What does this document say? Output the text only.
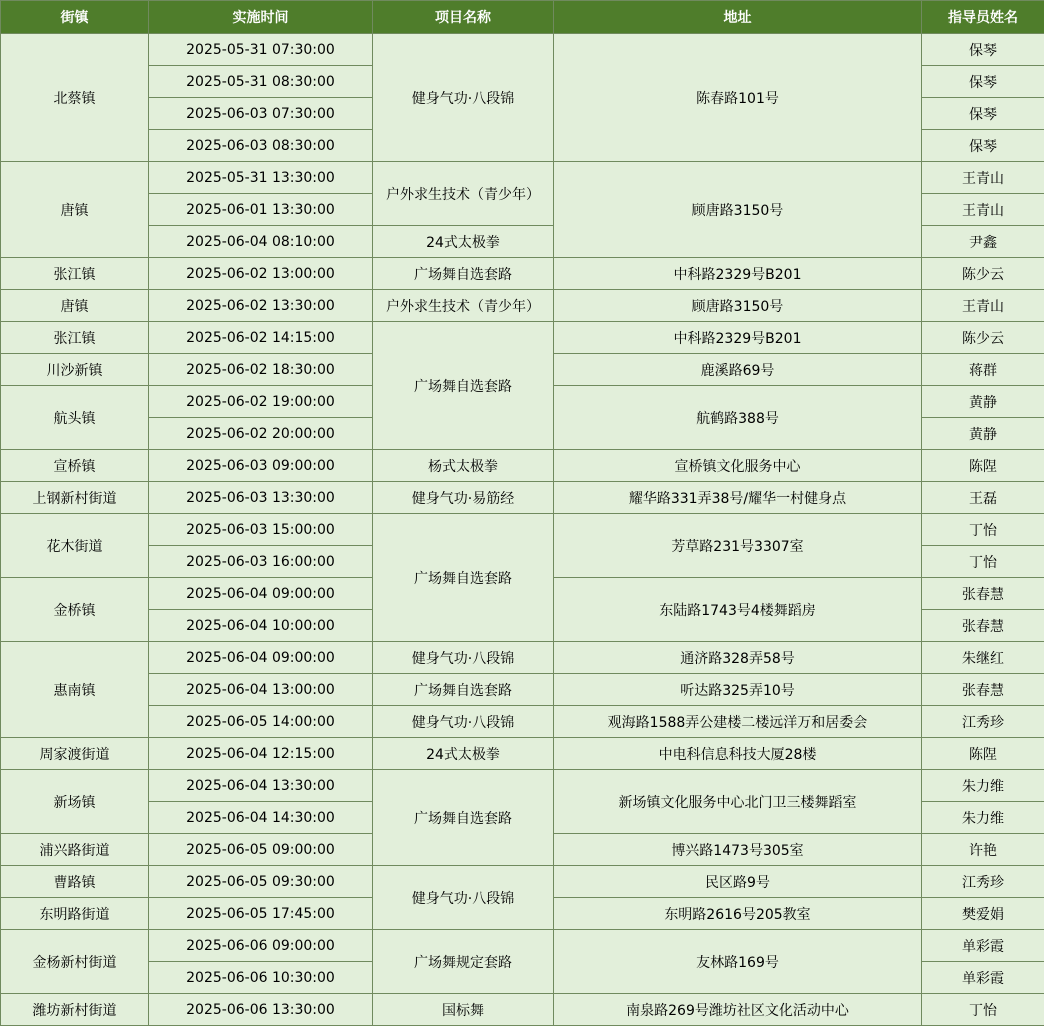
街镇	实施时间	项目名称	地址	指导员姓名
北蔡镇	2025-05-31 07:30:00	健身气功·八段锦	陈春路101号	保琴
	2025-05-31 08:30:00			保琴
	2025-06-03 07:30:00			保琴
	2025-06-03 08:30:00			保琴
唐镇	2025-05-31 13:30:00	户外求生技术（青少年）	顾唐路3150号	王青山
	2025-06-01 13:30:00			王青山
	2025-06-04 08:10:00	24式太极拳		尹鑫
张江镇	2025-06-02 13:00:00	广场舞自选套路	中科路2329号B201	陈少云
唐镇	2025-06-02 13:30:00	户外求生技术（青少年）	顾唐路3150号	王青山
张江镇	2025-06-02 14:15:00	广场舞自选套路	中科路2329号B201	陈少云
川沙新镇	2025-06-02 18:30:00		鹿溪路69号	蒋群
航头镇	2025-06-02 19:00:00		航鹤路388号	黄静
	2025-06-02 20:00:00			黄静
宣桥镇	2025-06-03 09:00:00	杨式太极拳	宣桥镇文化服务中心	陈陧
上钢新村街道	2025-06-03 13:30:00	健身气功·易筋经	耀华路331弄38号/耀华一村健身点	王磊
花木街道	2025-06-03 15:00:00	广场舞自选套路	芳草路231号3307室	丁怡
	2025-06-03 16:00:00			丁怡
金桥镇	2025-06-04 09:00:00		东陆路1743号4楼舞蹈房	张春慧
	2025-06-04 10:00:00			张春慧
惠南镇	2025-06-04 09:00:00	健身气功·八段锦	通济路328弄58号	朱继红
	2025-06-04 13:00:00	广场舞自选套路	听达路325弄10号	张春慧
	2025-06-05 14:00:00	健身气功·八段锦	观海路1588弄公建楼二楼远洋万和居委会	江秀珍
周家渡街道	2025-06-04 12:15:00	24式太极拳	中电科信息科技大厦28楼	陈陧
新场镇	2025-06-04 13:30:00	广场舞自选套路	新场镇文化服务中心北门卫三楼舞蹈室	朱力维
	2025-06-04 14:30:00			朱力维
浦兴路街道	2025-06-05 09:00:00		博兴路1473号305室	许艳
曹路镇	2025-06-05 09:30:00	健身气功·八段锦	民区路9号	江秀珍
东明路街道	2025-06-05 17:45:00		东明路2616号205教室	樊爱娟
金杨新村街道	2025-06-06 09:00:00	广场舞规定套路	友林路169号	单彩霞
	2025-06-06 10:30:00			单彩霞
潍坊新村街道	2025-06-06 13:30:00	国标舞	南泉路269号潍坊社区文化活动中心	丁怡
